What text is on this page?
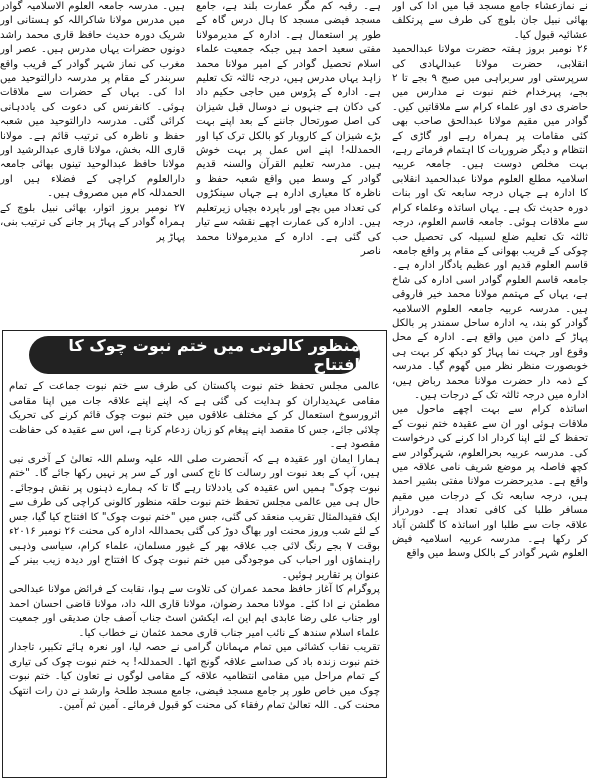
نے نمازعشاء جامع مسجد قبا میں ادا کی اور بھائی نبیل جان بلوچ کی طرف سے پرتکلف عشائیہ قبول کیا۔

۲۶ نومبر بروز ہفتہ حضرت مولانا عبدالحمید انقلابی، حضرت مولانا عبدالہادی کی سرپرستی اور سربراہی میں صبح ۹ بجے تا ۲ بجے، پہرخدام ختم نبوت نے مدارس میں حاضری دی اور علماء کرام سے ملاقاتیں کیں۔ گوادر میں مقیم مولانا عبدالحق صاحب بھی کئی مقامات پر ہمراہ رہے اور گاڑی کے انتظام و دیگر ضروریات کا اہتمام فرماتے رہے، بہت مخلص دوست ہیں۔ جامعہ عربیہ اسلامیہ مطلع العلوم مولانا عبدالحمید انقلابی کا ادارہ ہے جہاں درجہ سابعہ تک اور بنات دورہ حدیث تک ہے۔ یہاں اساتذہ وعلماء کرام سے ملاقات ہوئی۔ جامعہ قاسم العلوم، درجہ ثالثہ تک تعلیم ضلع لسبیلہ کی تحصیل حب چوکی کے قریب بھوانی کے مقام پر واقع جامعہ قاسم العلوم قدیم اور عظیم یادگار ادارہ ہے۔ جامعہ قاسم العلوم گوادر اسی ادارہ کی شاخ ہے، یہاں کے مہتمم مولانا محمد خیر فاروقی ہیں۔ مدرسہ عربیہ جامعہ العلوم الاسلامیہ گوادر کو بند، یہ ادارہ ساحل سمندر پر بالکل پہاڑ کے دامن میں واقع ہے۔ ادارہ کے محل وقوع اور جہت نما پہاڑ کو دیکھ کر بہت ہی خوبصورت منظر نظر میں گھوم گیا۔ مدرسہ کے ذمہ دار حضرت مولانا محمد رباض ہیں، ادارہ میں درجہ ثالثہ تک کے درجات ہیں۔

اساتذہ کرام سے بہت اچھے ماحول میں ملاقات ہوئی اور ان سے عقیدہ ختم نبوت کے تحفظ کے لئے اپنا کردار ادا کرنے کی درخواست کی۔ مدرسہ عربیہ بحرالعلوم، شہرگوادر سے کچھ فاصلہ پر موضع شریف نامی علاقہ میں واقع ہے۔ مدیرحضرت مولانا مفتی بشیر احمد ہیں، درجہ سابعہ تک کے درجات میں مقیم مسافر طلبا کی کافی تعداد ہے۔ دوردراز علاقہ جات سے طلبا اور اساتذہ کا گلشن آباد کر رکھا ہے۔ مدرسہ عربیہ اسلامیہ فیض العلوم شہر گوادر کے بالکل وسط میں واقع

ہے۔ رقبہ کم مگر عمارت بلند ہے، جامع مسجد فیضی مسجد کا ہال درس گاہ کے طور پر استعمال ہے۔ ادارہ کے مدیرمولانا مفتی سعید احمد ہیں جبکہ جمعیت علماء اسلام تحصیل گوادر کے امیر مولانا محمد زاہد یہاں مدرس ہیں، درجہ ثالثہ تک تعلیم ہے۔ ادارہ کے پڑوس میں حاجی حکیم داد کی دکان ہے جنہوں نے دوسال قبل شیزان کی اصل صورتحال جاننے کے بعد اپنے بہت بڑے شیزان کے کاروبار کو بالکل ترک کیا اور الحمدللہ! اپنے اس عمل پر بہت خوش ہیں۔ مدرسہ تعلیم القرآن والسنہ قدیم گوادر کے وسط میں واقع شعبہ حفظ و ناظرہ کا معیاری ادارہ ہے جہاں سینکڑوں کی تعداد میں بچے اور باپردہ بچیاں زیرتعلیم ہیں۔ ادارہ کی عمارت اچھے نقشہ سے تیار کی گئی ہے۔ ادارہ کے مدیرمولانا محمد ناصر

ہیں۔ مدرسہ جامعہ العلوم الاسلامیہ گوادر میں مدرس مولانا شاکراللہ کو ہستانی اور شریک دورہ حدیث حافظ قاری محمد راشد دونوں حضرات یہاں مدرس ہیں۔ عصر اور مغرب کی نماز شہر گوادر کے قریب واقع سربندر کے مقام پر مدرسہ دارالتوحید میں ادا کی۔ یہاں کے حضرات سے ملاقات ہوئی۔ کانفرنس کی دعوت کی یاددہانی کرائی گئی۔ مدرسہ دارالتوحید میں شعبہ حفظ و ناظرہ کی ترتیب قائم ہے۔ مولانا قاری اللہ بخش، مولانا قاری عبدالرشید اور مولانا حافظ عبدالوحید تینوں بھائی جامعہ دارالعلوم کراچی کے فضلاء ہیں اور الحمدللہ کام میں مصروف ہیں۔

۲۷ نومبر بروز اتوار، بھائی نبیل بلوچ کے ہمراہ گوادر کے پہاڑ پر جانے کی ترتیب بنی، پہاڑ پر

منظور کالونی میں ختم نبوت چوک کا افتتاح

عالمی مجلس تحفظ ختم نبوت پاکستان کی طرف سے ختم نبوت جماعت کے تمام مقامی عہدیداران کو ہدایت کی گئی ہے کہ اپنے اپنے علاقہ جات میں اپنا مقامی اثرورسوخ استعمال کر کے مختلف علاقوں میں ختم نبوت چوک قائم کرنے کی تحریک چلائی جائے، جس کا مقصد اپنے پیغام کو زبان زدعام کرنا ہے، اس سے عقیدہ کی حفاظت مقصود ہے۔

ہمارا ایمان اور عقیدہ ہے کہ آنحضرت صلی اللہ علیہ وسلم اللہ تعالیٰ کے آخری نبی ہیں، آپ کے بعد نبوت اور رسالت کا تاج کسی اور کے سر پر نہیں رکھا جائے گا۔ "ختم نبوت چوک" ہمیں اس عقیدہ کی یاددلاتا رہے گا تا کہ ہمارے ذہنوں پر نقش ہوجائے۔ حال ہی میں عالمی مجلس تحفظ ختم نبوت حلقہ منظور کالونی کراچی کی طرف سے ایک فقیدالمثال تقریب منعقد کی گئی، جس میں "ختم نبوت چوک" کا افتتاح کیا گیا، جس کے لئے شب وروز محنت اور بھاگ دوڑ کی گئی بحمداللہ ادارہ کی محنت ۲۶ نومبر ۲۰۱۶ء بوقت ۷ بجے رنگ لائی جب علاقہ بھر کے غیور مسلمان، علماء کرام، سیاسی وذہبی راہنماؤں اور احباب کی موجودگی میں ختم نبوت چوک کا افتتاح اور دیدہ زیب بینر کے عنوان پر تقاریر ہوئیں۔

پروگرام کا آغاز حافظ محمد عمران کی تلاوت سے ہوا، نقابت کے فرائض مولانا عبدالحی مطمئن نے ادا کئے۔ مولانا محمد رضوان، مولانا قاری اللہ داد، مولانا قاضی احسان احمد اور جناب علی رضا عابدی ایم این اے، ایکشن اسٹ جناب آصف جان صدیقی اور جمعیت علماء اسلام سندھ کے نائب امیر جناب قاری محمد عثمان نے خطاب کیا۔

تقریب نقاب کشائی میں تمام مہمانان گرامی نے حصہ لیا، اور نعرہ ہائے تکبیر، تاجدار ختم نبوت زندہ باد کی صداسے علاقہ گونج اٹھا۔ الحمدللہ! یہ ختم نبوت چوک کی تیاری کے تمام مراحل میں مقامی انتظامیہ علاقہ کے مقامی لوگوں نے تعاون کیا۔ ختم نبوت چوک میں خاص طور پر جامع مسجد فیضی، جامع مسجد طلحہٰ وارشد نے دن رات انتھک محنت کی۔ اللہ تعالیٰ تمام رفقاء کی محنت کو قبول فرمائے۔ آمین ثم آمین۔
